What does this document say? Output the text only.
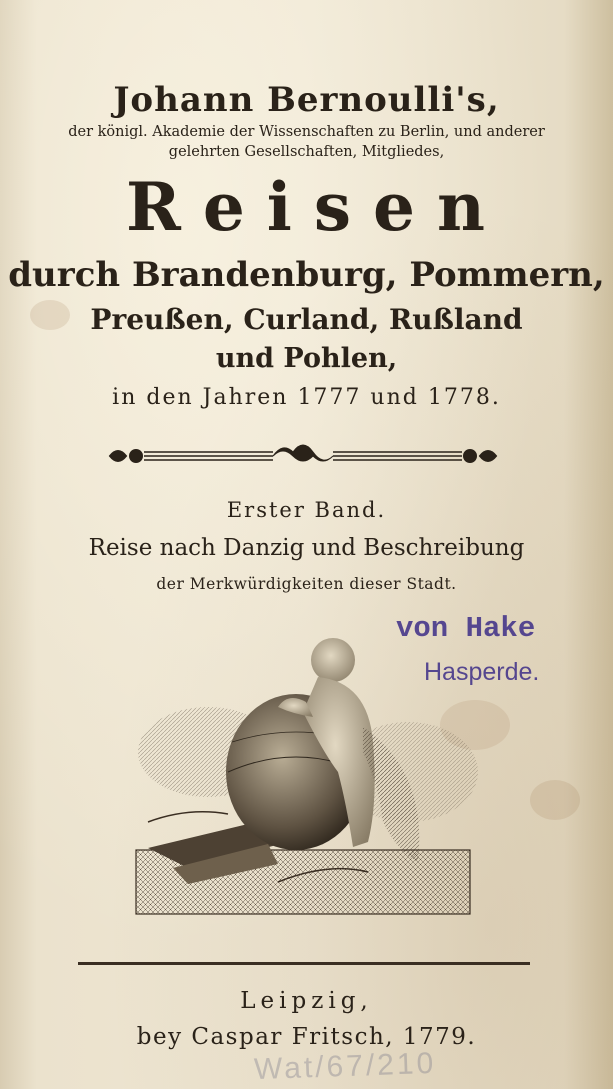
Johann Bernoulli's,
der königl. Akademie der Wissenschaften zu Berlin, und anderer
gelehrten Gesellschaften, Mitgliedes,
Reisen
durch Brandenburg, Pommern,
Preußen, Curland, Rußland
und Pohlen,
in den Jahren 1777 und 1778.
Erster Band.
Reise nach Danzig und Beschreibung
der Merkwürdigkeiten dieser Stadt.
von Hake
Hasperde.
Leipzig,
bey Caspar Fritsch, 1779.
Wat/67/210
